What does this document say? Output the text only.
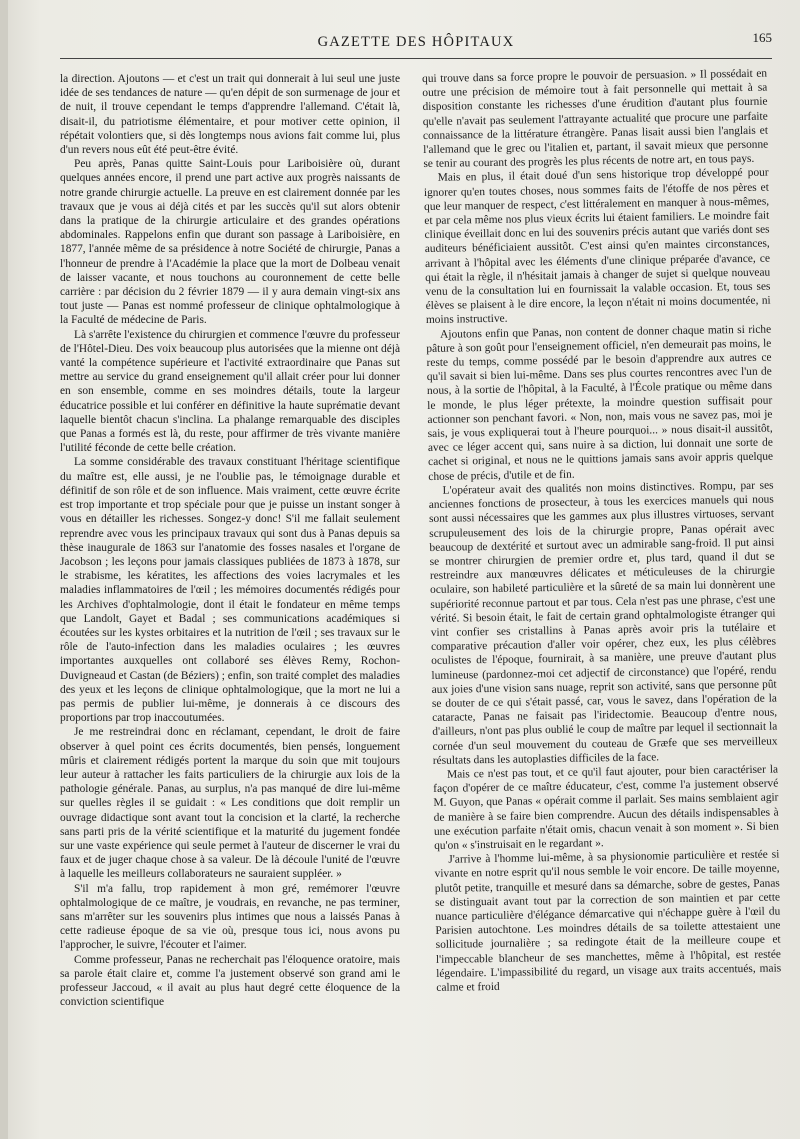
GAZETTE DES HÔPITAUX	165

la direction. Ajoutons — et c'est un trait qui donnerait à lui seul une juste idée de ses tendances de nature — qu'en dépit de son surmenage de jour et de nuit, il trouve cependant le temps d'apprendre l'allemand. C'était là, disait-il, du patriotisme élémentaire, et pour motiver cette opinion, il répétait volontiers que, si dès longtemps nous avions fait comme lui, plus d'un revers nous eût été peut-être évité.

Peu après, Panas quitte Saint-Louis pour Lariboisière où, durant quelques années encore, il prend une part active aux progrès naissants de notre grande chirurgie actuelle. La preuve en est clairement donnée par les travaux que je vous ai déjà cités et par les succès qu'il sut alors obtenir dans la pratique de la chirurgie articulaire et des grandes opérations abdominales. Rappelons enfin que durant son passage à Lariboisière, en 1877, l'année même de sa présidence à notre Société de chirurgie, Panas a l'honneur de prendre à l'Académie la place que la mort de Dolbeau venait de laisser vacante, et nous touchons au couronnement de cette belle carrière : par décision du 2 février 1879 — il y aura demain vingt-six ans tout juste — Panas est nommé professeur de clinique ophtalmologique à la Faculté de médecine de Paris.

Là s'arrête l'existence du chirurgien et commence l'œuvre du professeur de l'Hôtel-Dieu. Des voix beaucoup plus autorisées que la mienne ont déjà vanté la compétence supérieure et l'activité extraordinaire que Panas sut mettre au service du grand enseignement qu'il allait créer pour lui donner en son ensemble, comme en ses moindres détails, toute la largeur éducatrice possible et lui conférer en définitive la haute suprématie devant laquelle bientôt chacun s'inclina. La phalange remarquable des disciples que Panas a formés est là, du reste, pour affirmer de très vivante manière l'utilité féconde de cette belle création.

La somme considérable des travaux constituant l'héritage scientifique du maître est, elle aussi, je ne l'oublie pas, le témoignage durable et définitif de son rôle et de son influence. Mais vraiment, cette œuvre écrite est trop importante et trop spéciale pour que je puisse un instant songer à vous en détailler les richesses. Songez-y donc! S'il me fallait seulement reprendre avec vous les principaux travaux qui sont dus à Panas depuis sa thèse inaugurale de 1863 sur l'anatomie des fosses nasales et l'organe de Jacobson ; les leçons pour jamais classiques publiées de 1873 à 1878, sur le strabisme, les kératites, les affections des voies lacrymales et les maladies inflammatoires de l'œil ; les mémoires documentés rédigés pour les Archives d'ophtalmologie, dont il était le fondateur en même temps que Landolt, Gayet et Badal ; ses communications académiques si écoutées sur les kystes orbitaires et la nutrition de l'œil ; ses travaux sur le rôle de l'auto-infection dans les maladies oculaires ; les œuvres importantes auxquelles ont collaboré ses élèves Remy, Rochon-Duvigneaud et Castan (de Béziers) ; enfin, son traité complet des maladies des yeux et les leçons de clinique ophtalmologique, que la mort ne lui a pas permis de publier lui-même, je donnerais à ce discours des proportions par trop inaccoutumées.

Je me restreindrai donc en réclamant, cependant, le droit de faire observer à quel point ces écrits documentés, bien pensés, longuement mûris et clairement rédigés portent la marque du soin que mit toujours leur auteur à rattacher les faits particuliers de la chirurgie aux lois de la pathologie générale. Panas, au surplus, n'a pas manqué de dire lui-même sur quelles règles il se guidait : « Les conditions que doit remplir un ouvrage didactique sont avant tout la concision et la clarté, la recherche sans parti pris de la vérité scientifique et la maturité du jugement fondée sur une vaste expérience qui seule permet à l'auteur de discerner le vrai du faux et de juger chaque chose à sa valeur. De là découle l'unité de l'œuvre à laquelle les meilleurs collaborateurs ne sauraient suppléer. »

S'il m'a fallu, trop rapidement à mon gré, remémorer l'œuvre ophtalmologique de ce maître, je voudrais, en revanche, ne pas terminer, sans m'arrêter sur les souvenirs plus intimes que nous a laissés Panas à cette radieuse époque de sa vie où, presque tous ici, nous avons pu l'approcher, le suivre, l'écouter et l'aimer.

Comme professeur, Panas ne recherchait pas l'éloquence oratoire, mais sa parole était claire et, comme l'a justement observé son grand ami le professeur Jaccoud, « il avait au plus haut degré cette éloquence de la conviction scientifique

qui trouve dans sa force propre le pouvoir de persuasion. » Il possédait en outre une précision de mémoire tout à fait personnelle qui mettait à sa disposition constante les richesses d'une érudition d'autant plus fournie qu'elle n'avait pas seulement l'attrayante actualité que procure une parfaite connaissance de la littérature étrangère. Panas lisait aussi bien l'anglais et l'allemand que le grec ou l'italien et, partant, il savait mieux que personne se tenir au courant des progrès les plus récents de notre art, en tous pays.

Mais en plus, il était doué d'un sens historique trop développé pour ignorer qu'en toutes choses, nous sommes faits de l'étoffe de nos pères et que leur manquer de respect, c'est littéralement en manquer à nous-mêmes, et par cela même nos plus vieux écrits lui étaient familiers. Le moindre fait clinique éveillait donc en lui des souvenirs précis autant que variés dont ses auditeurs bénéficiaient aussitôt. C'est ainsi qu'en maintes circonstances, arrivant à l'hôpital avec les éléments d'une clinique préparée d'avance, ce qui était la règle, il n'hésitait jamais à changer de sujet si quelque nouveau venu de la consultation lui en fournissait la valable occasion. Et, tous ses élèves se plaisent à le dire encore, la leçon n'était ni moins documentée, ni moins instructive.

Ajoutons enfin que Panas, non content de donner chaque matin si riche pâture à son goût pour l'enseignement officiel, n'en demeurait pas moins, le reste du temps, comme possédé par le besoin d'apprendre aux autres ce qu'il savait si bien lui-même. Dans ses plus courtes rencontres avec l'un de nous, à la sortie de l'hôpital, à la Faculté, à l'École pratique ou même dans le monde, le plus léger prétexte, la moindre question suffisait pour actionner son penchant favori. « Non, non, mais vous ne savez pas, moi je sais, je vous expliquerai tout à l'heure pourquoi... » nous disait-il aussitôt, avec ce léger accent qui, sans nuire à sa diction, lui donnait une sorte de cachet si original, et nous ne le quittions jamais sans avoir appris quelque chose de précis, d'utile et de fin.

L'opérateur avait des qualités non moins distinctives. Rompu, par ses anciennes fonctions de prosecteur, à tous les exercices manuels qui nous sont aussi nécessaires que les gammes aux plus illustres virtuoses, servant scrupuleusement des lois de la chirurgie propre, Panas opérait avec beaucoup de dextérité et surtout avec un admirable sang-froid. Il put ainsi se montrer chirurgien de premier ordre et, plus tard, quand il dut se restreindre aux manœuvres délicates et méticuleuses de la chirurgie oculaire, son habileté particulière et la sûreté de sa main lui donnèrent une supériorité reconnue partout et par tous. Cela n'est pas une phrase, c'est une vérité. Si besoin était, le fait de certain grand ophtalmologiste étranger qui vint confier ses cristallins à Panas après avoir pris la tutélaire et comparative précaution d'aller voir opérer, chez eux, les plus célèbres oculistes de l'époque, fournirait, à sa manière, une preuve d'autant plus lumineuse (pardonnez-moi cet adjectif de circonstance) que l'opéré, rendu aux joies d'une vision sans nuage, reprit son activité, sans que personne pût se douter de ce qui s'était passé, car, vous le savez, dans l'opération de la cataracte, Panas ne faisait pas l'iridectomie. Beaucoup d'entre nous, d'ailleurs, n'ont pas plus oublié le coup de maître par lequel il sectionnait la cornée d'un seul mouvement du couteau de Græfe que ses merveilleux résultats dans les autoplasties difficiles de la face.

Mais ce n'est pas tout, et ce qu'il faut ajouter, pour bien caractériser la façon d'opérer de ce maître éducateur, c'est, comme l'a justement observé M. Guyon, que Panas « opérait comme il parlait. Ses mains semblaient agir de manière à se faire bien comprendre. Aucun des détails indispensables à une exécution parfaite n'était omis, chacun venait à son moment ». Si bien qu'on « s'instruisait en le regardant ».

J'arrive à l'homme lui-même, à sa physionomie particulière et restée si vivante en notre esprit qu'il nous semble le voir encore. De taille moyenne, plutôt petite, tranquille et mesuré dans sa démarche, sobre de gestes, Panas se distinguait avant tout par la correction de son maintien et par cette nuance particulière d'élégance démarcative qui n'échappe guère à l'œil du Parisien autochtone. Les moindres détails de sa toilette attestaient une sollicitude journalière ; sa redingote était de la meilleure coupe et l'impeccable blancheur de ses manchettes, même à l'hôpital, est restée légendaire. L'impassibilité du regard, un visage aux traits accentués, mais calme et froid
